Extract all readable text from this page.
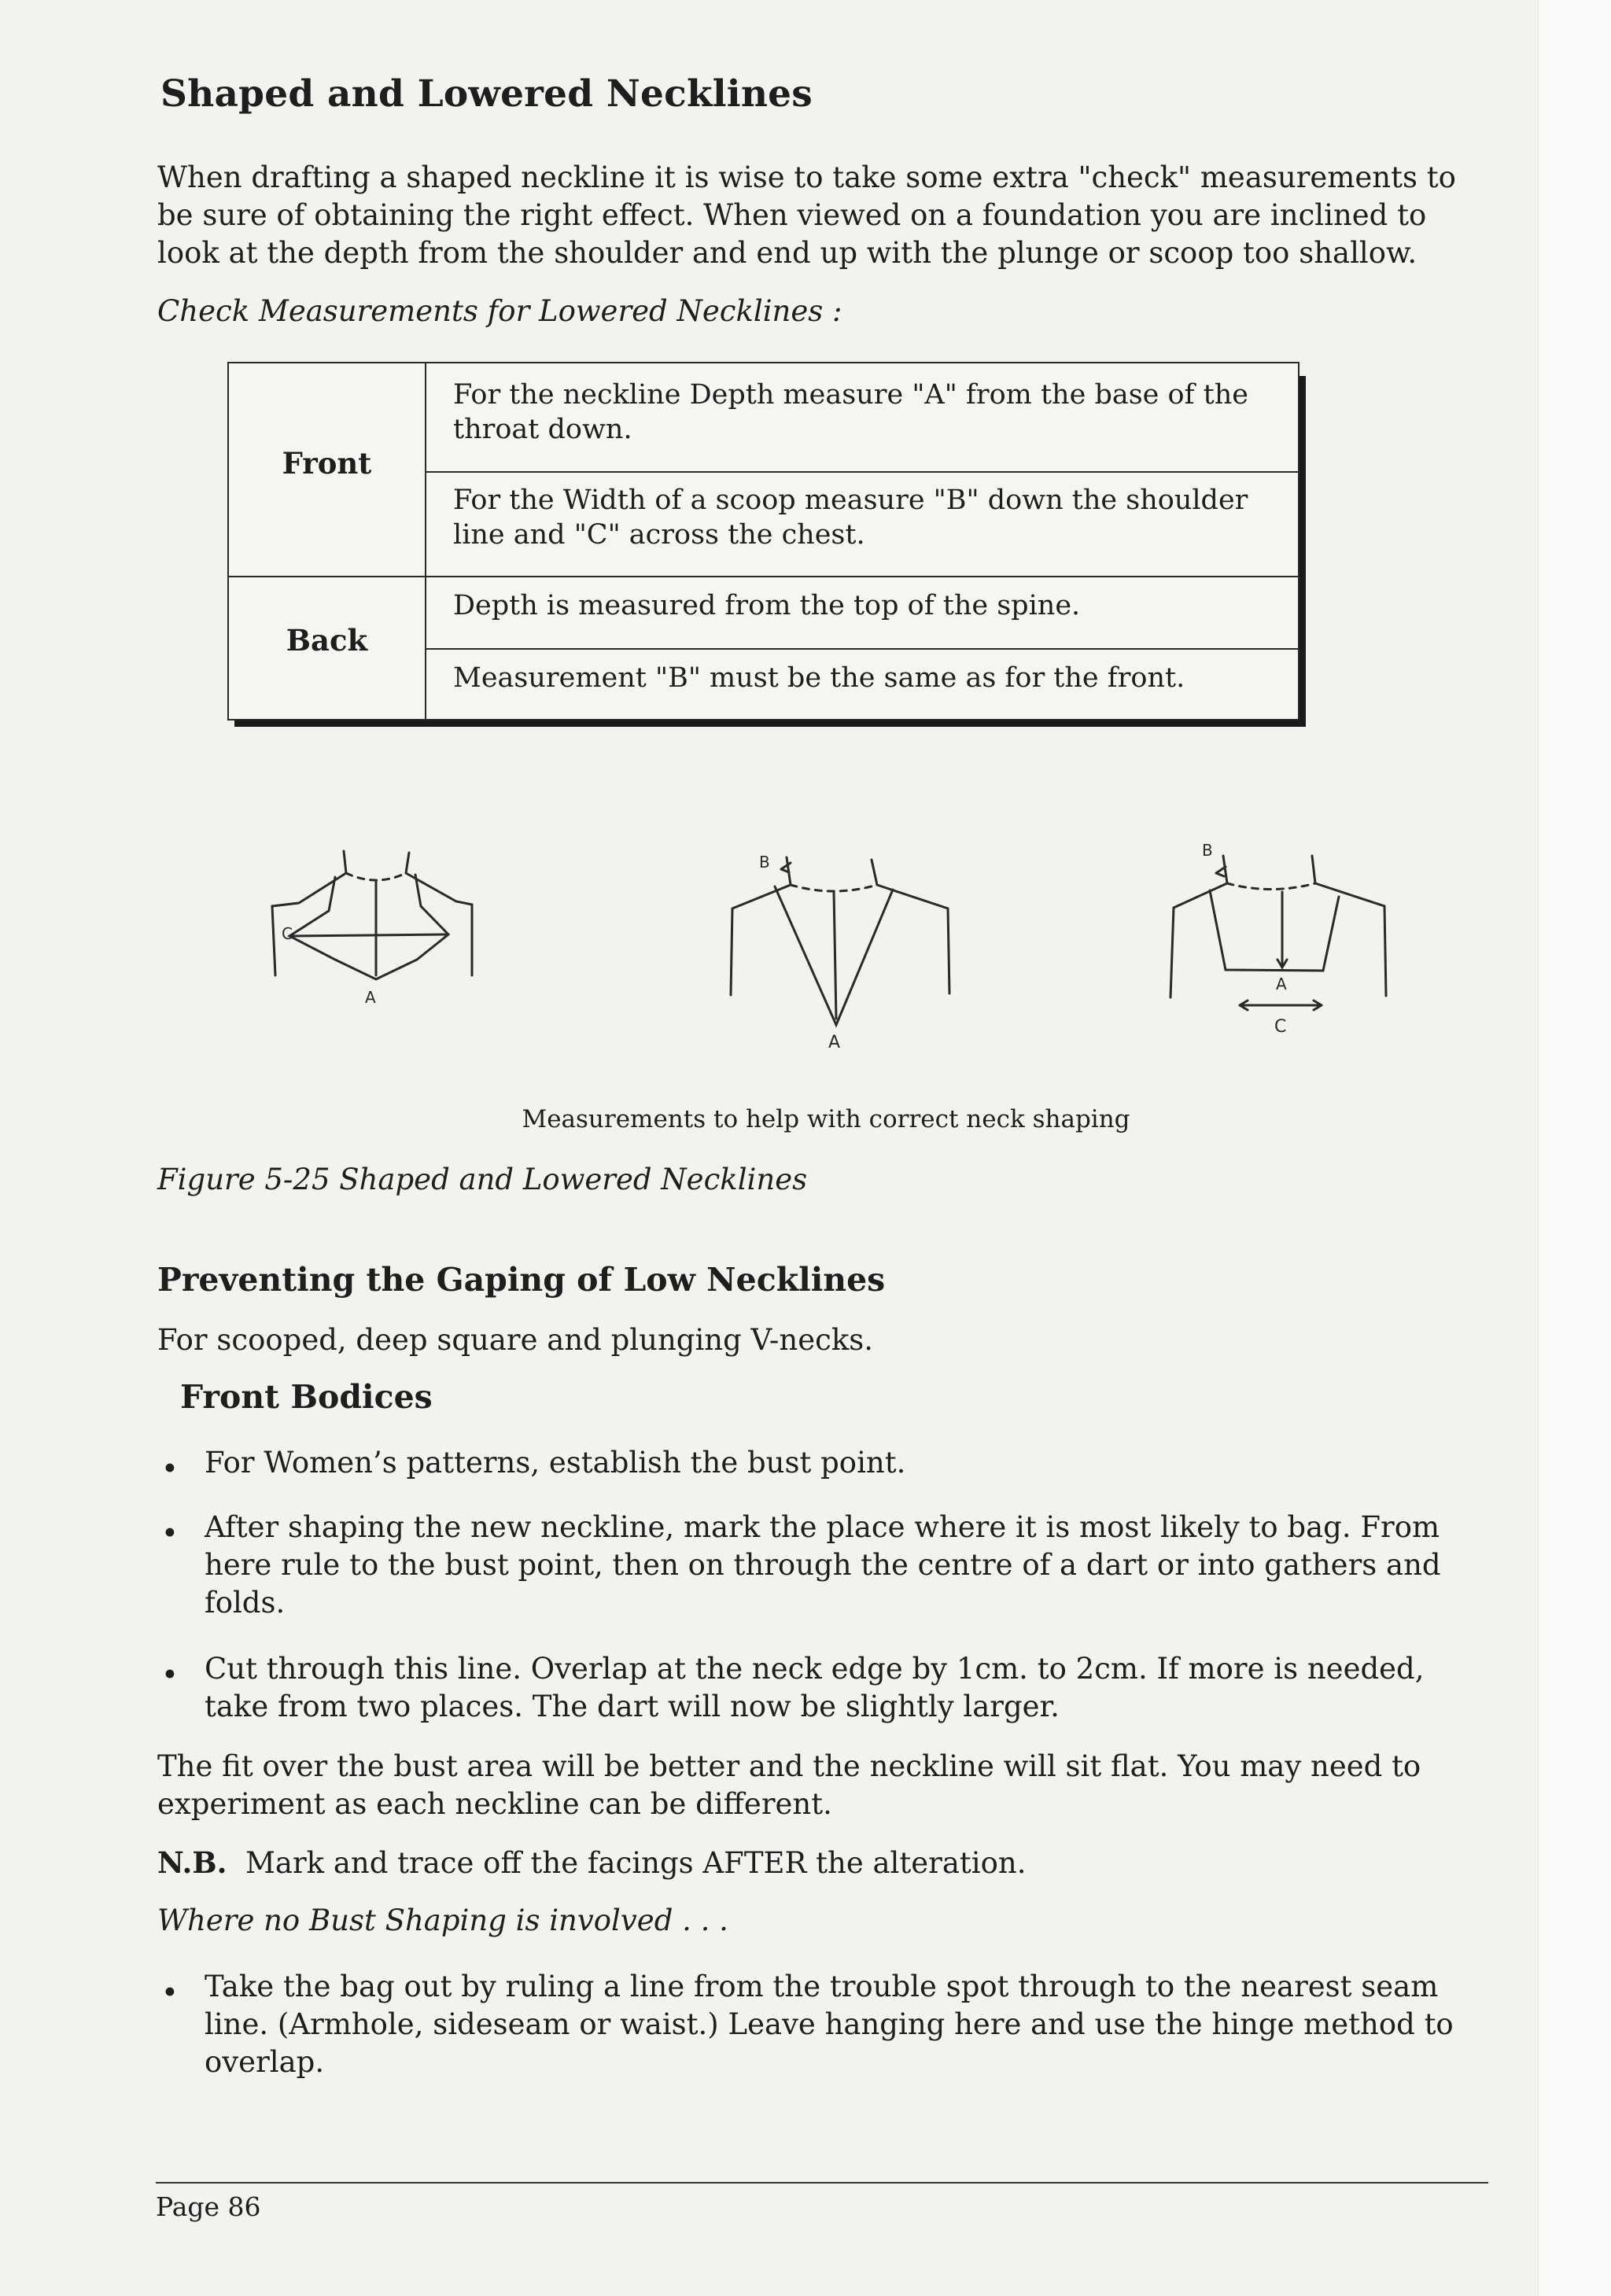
Shaped and Lowered Necklines

When drafting a shaped neckline it is wise to take some extra "check" measurements to be sure of obtaining the right effect. When viewed on a foundation you are inclined to look at the depth from the shoulder and end up with the plunge or scoop too shallow.

Check Measurements for Lowered Necklines :

Front
Back
For the neckline Depth measure "A" from the base of the throat down.
For the Width of a scoop measure "B" down the shoulder line and "C" across the chest.
Depth is measured from the top of the spine.
Measurement "B" must be the same as for the front.
C
A
B
A
B
A
C
Measurements to help with correct neck shaping

Figure 5-25 Shaped and Lowered Necklines

Preventing the Gaping of Low Necklines

For scooped, deep square and plunging V-necks.

Front Bodices
• For Women’s patterns, establish the bust point.
• After shaping the new neckline, mark the place where it is most likely to bag. From here rule to the bust point, then on through the centre of a dart or into gathers and folds.
• Cut through this line. Overlap at the neck edge by 1cm. to 2cm. If more is needed, take from two places. The dart will now be slightly larger.

The fit over the bust area will be better and the neckline will sit flat. You may need to experiment as each neckline can be different.

N.B. Mark and trace off the facings AFTER the alteration.

Where no Bust Shaping is involved . . .

• Take the bag out by ruling a line from the trouble spot through to the nearest seam line. (Armhole, sideseam or waist.) Leave hanging here and use the hinge method to overlap.
Page 86
